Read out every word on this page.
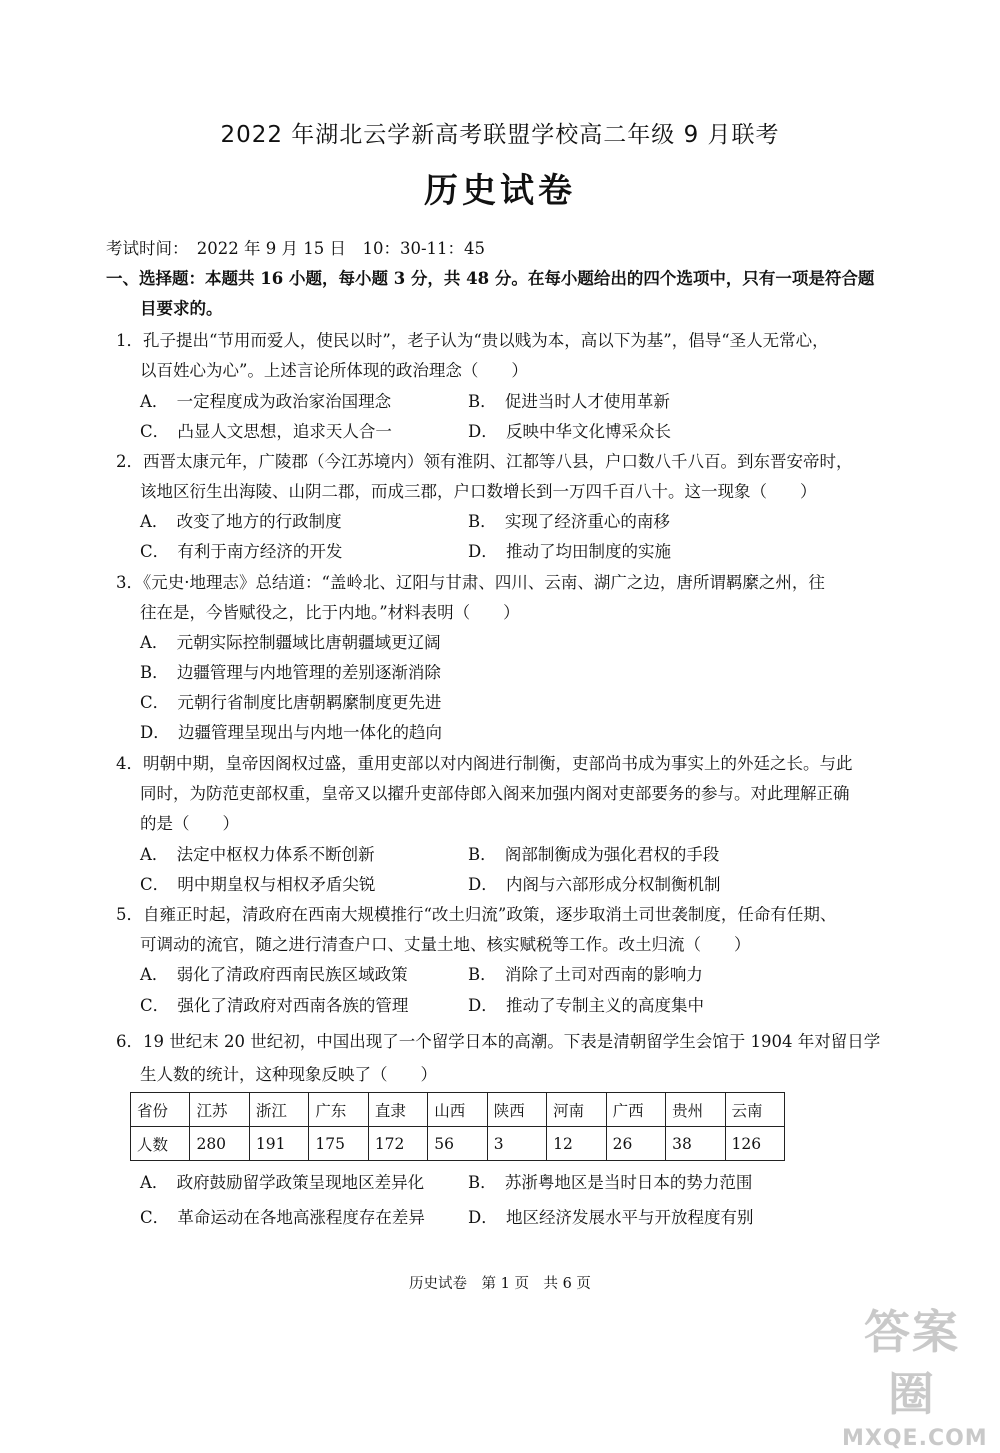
2022 年湖北云学新高考联盟学校高二年级 9 月联考
历史试卷
考试时间：　2022 年 9 月 15 日　10：30-11：45
一、选择题：本题共 16 小题，每小题 3 分，共 48 分。在每小题给出的四个选项中，只有一项是符合题
目要求的。
1．孔子提出“节用而爱人，使民以时”，老子认为“贵以贱为本，高以下为基”，倡导“圣人无常心，
以百姓心为心”。上述言论所体现的政治理念（　　）
A．　一定程度成为政治家治国理念	B．　促进当时人才使用革新
C．　凸显人文思想，追求天人合一	D．　反映中华文化博采众长
2．西晋太康元年，广陵郡（今江苏境内）领有淮阴、江都等八县，户口数八千八百。到东晋安帝时，
该地区衍生出海陵、山阴二郡，而成三郡，户口数增长到一万四千百八十。这一现象（　　）
A．　改变了地方的行政制度	B．　实现了经济重心的南移
C．　有利于南方经济的开发	D．　推动了均田制度的实施
3．《元史·地理志》总结道：“盖岭北、辽阳与甘肃、四川、云南、湖广之边，唐所谓羁縻之州，往
往在是，今皆赋役之，比于内地。”材料表明（　　）
A．　元朝实际控制疆域比唐朝疆域更辽阔
B．　边疆管理与内地管理的差别逐渐消除
C．　元朝行省制度比唐朝羁縻制度更先进
D．　边疆管理呈现出与内地一体化的趋向
4．明朝中期，皇帝因阁权过盛，重用吏部以对内阁进行制衡，吏部尚书成为事实上的外廷之长。与此
同时，为防范吏部权重，皇帝又以擢升吏部侍郎入阁来加强内阁对吏部要务的参与。对此理解正确
的是（　　）
A．　法定中枢权力体系不断创新	B．　阁部制衡成为强化君权的手段
C．　明中期皇权与相权矛盾尖锐	D．　内阁与六部形成分权制衡机制
5．自雍正时起，清政府在西南大规模推行“改土归流”政策，逐步取消土司世袭制度，任命有任期、
可调动的流官，随之进行清查户口、丈量土地、核实赋税等工作。改土归流（　　）
A．　弱化了清政府西南民族区域政策	B．　消除了土司对西南的影响力
C．　强化了清政府对西南各族的管理	D．　推动了专制主义的高度集中
6．19 世纪末 20 世纪初，中国出现了一个留学日本的高潮。下表是清朝留学生会馆于 1904 年对留日学
生人数的统计，这种现象反映了（　　）
省份	江苏	浙江	广东	直隶	山西	陕西	河南	广西	贵州	云南
人数	280	191	175	172	56	3	12	26	38	126
A．　政府鼓励留学政策呈现地区差异化	B．　苏浙粤地区是当时日本的势力范围
C．　革命运动在各地高涨程度存在差异	D．　地区经济发展水平与开放程度有别
历史试卷　第 1 页　共 6 页
答案圈
MXQE.COM
